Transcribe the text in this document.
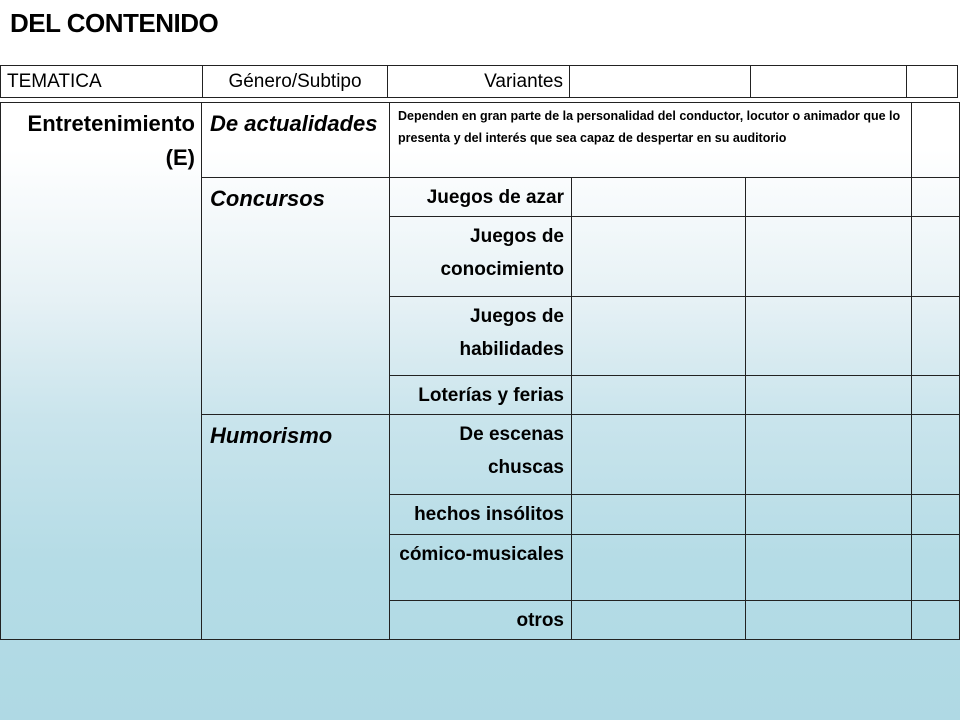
DEL CONTENIDO
TEMATICA	Género/Subtipo	Variantes
Entretenimiento (E)
De actualidades
Concursos
Humorismo
Dependen en gran parte de la personalidad del conductor, locutor o animador que lo presenta y del interés que sea capaz de despertar en su auditorio
Juegos de azar
Juegos de conocimiento
Juegos de habilidades
Loterías y ferias
De escenas chuscas
hechos insólitos
cómico-musicales
otros
